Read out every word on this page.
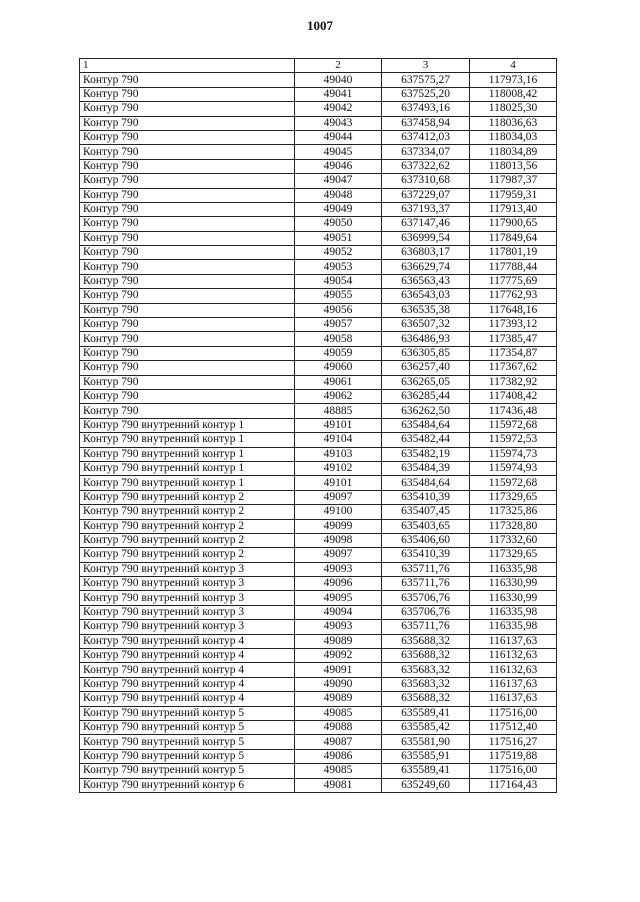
1007
1	2	3	4
Контур 790	49040	637575,27	117973,16
Контур 790	49041	637525,20	118008,42
Контур 790	49042	637493,16	118025,30
Контур 790	49043	637458,94	118036,63
Контур 790	49044	637412,03	118034,03
Контур 790	49045	637334,07	118034,89
Контур 790	49046	637322,62	118013,56
Контур 790	49047	637310,68	117987,37
Контур 790	49048	637229,07	117959,31
Контур 790	49049	637193,37	117913,40
Контур 790	49050	637147,46	117900,65
Контур 790	49051	636999,54	117849,64
Контур 790	49052	636803,17	117801,19
Контур 790	49053	636629,74	117788,44
Контур 790	49054	636563,43	117775,69
Контур 790	49055	636543,03	117762,93
Контур 790	49056	636535,38	117648,16
Контур 790	49057	636507,32	117393,12
Контур 790	49058	636486,93	117385,47
Контур 790	49059	636305,85	117354,87
Контур 790	49060	636257,40	117367,62
Контур 790	49061	636265,05	117382,92
Контур 790	49062	636285,44	117408,42
Контур 790	48885	636262,50	117436,48
Контур 790 внутренний контур 1	49101	635484,64	115972,68
Контур 790 внутренний контур 1	49104	635482,44	115972,53
Контур 790 внутренний контур 1	49103	635482,19	115974,73
Контур 790 внутренний контур 1	49102	635484,39	115974,93
Контур 790 внутренний контур 1	49101	635484,64	115972,68
Контур 790 внутренний контур 2	49097	635410,39	117329,65
Контур 790 внутренний контур 2	49100	635407,45	117325,86
Контур 790 внутренний контур 2	49099	635403,65	117328,80
Контур 790 внутренний контур 2	49098	635406,60	117332,60
Контур 790 внутренний контур 2	49097	635410,39	117329,65
Контур 790 внутренний контур 3	49093	635711,76	116335,98
Контур 790 внутренний контур 3	49096	635711,76	116330,99
Контур 790 внутренний контур 3	49095	635706,76	116330,99
Контур 790 внутренний контур 3	49094	635706,76	116335,98
Контур 790 внутренний контур 3	49093	635711,76	116335,98
Контур 790 внутренний контур 4	49089	635688,32	116137,63
Контур 790 внутренний контур 4	49092	635688,32	116132,63
Контур 790 внутренний контур 4	49091	635683,32	116132,63
Контур 790 внутренний контур 4	49090	635683,32	116137,63
Контур 790 внутренний контур 4	49089	635688,32	116137,63
Контур 790 внутренний контур 5	49085	635589,41	117516,00
Контур 790 внутренний контур 5	49088	635585,42	117512,40
Контур 790 внутренний контур 5	49087	635581,90	117516,27
Контур 790 внутренний контур 5	49086	635585,91	117519,88
Контур 790 внутренний контур 5	49085	635589,41	117516,00
Контур 790 внутренний контур 6	49081	635249,60	117164,43
